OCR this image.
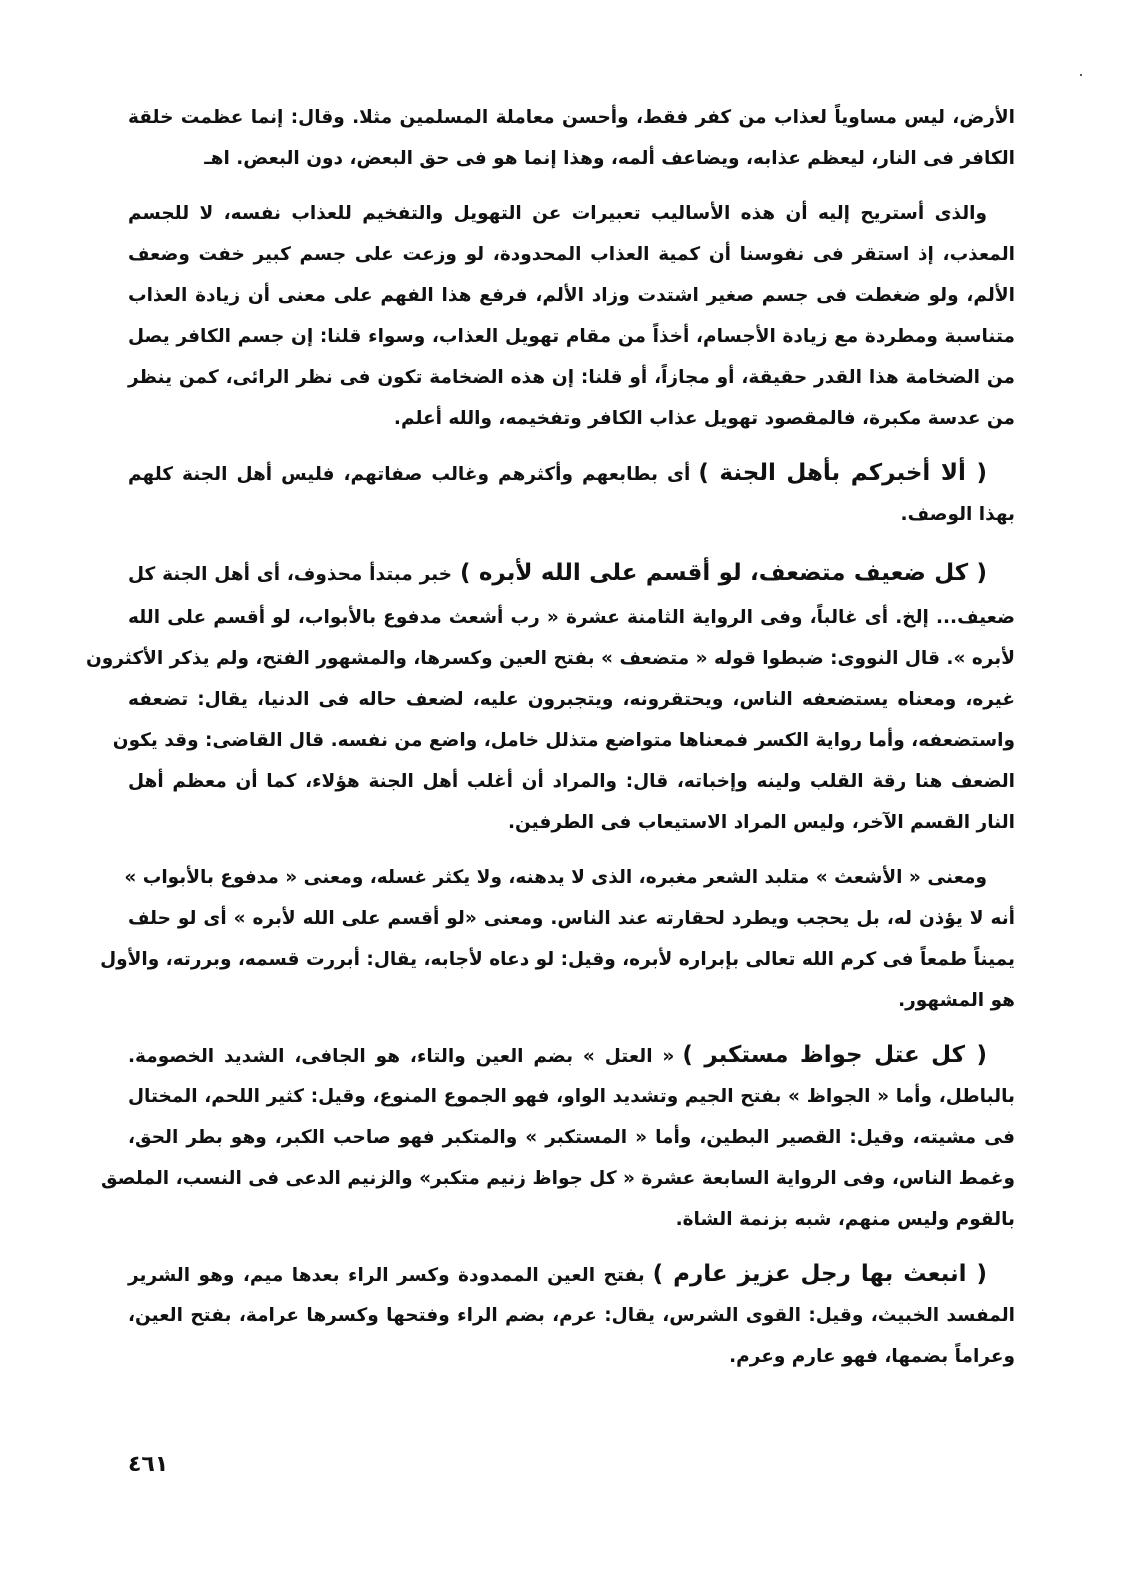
الأرض، ليس مساوياً لعذاب من كفر فقط، وأحسن معاملة المسلمين مثلا. وقال: إنما عظمت خلقة
الكافر فى النار، ليعظم عذابه، ويضاعف ألمه، وهذا إنما هو فى حق البعض، دون البعض. اهـ
والذى أستريح إليه أن هذه الأساليب تعبيرات عن التهويل والتفخيم للعذاب نفسه، لا للجسم
المعذب، إذ استقر فى نفوسنا أن كمية العذاب المحدودة، لو وزعت على جسم كبير خفت وضعف
الألم، ولو ضغطت فى جسم صغير اشتدت وزاد الألم، فرفع هذا الفهم على معنى أن زيادة العذاب
متناسبة ومطردة مع زيادة الأجسام، أخذاً من مقام تهويل العذاب، وسواء قلنا: إن جسم الكافر يصل
من الضخامة هذا القدر حقيقة، أو مجازاً، أو قلنا: إن هذه الضخامة تكون فى نظر الرائى، كمن ينظر
من عدسة مكبرة، فالمقصود تهويل عذاب الكافر وتفخيمه، والله أعلم.
( ألا أخبركم بأهل الجنة )أى بطابعهم وأكثرهم وغالب صفاتهم، فليس أهل الجنة كلهم
بهذا الوصف.
( كل ضعيف متضعف، لو أقسم على الله لأبره )خبر مبتدأ محذوف، أى أهل الجنة كل
ضعيف... إلخ. أى غالباً، وفى الرواية الثامنة عشرة « رب أشعث مدفوع بالأبواب، لو أقسم على الله
لأبره ». قال النووى: ضبطوا قوله « متضعف » بفتح العين وكسرها، والمشهور الفتح، ولم يذكر الأكثرون
غيره، ومعناه يستضعفه الناس، ويحتقرونه، ويتجبرون عليه، لضعف حاله فى الدنيا، يقال: تضعفه
واستضعفه، وأما رواية الكسر فمعناها متواضع متذلل خامل، واضع من نفسه. قال القاضى: وقد يكون
الضعف هنا رقة القلب ولينه وإخباته، قال: والمراد أن أغلب أهل الجنة هؤلاء، كما أن معظم أهل
النار القسم الآخر، وليس المراد الاستيعاب فى الطرفين.
ومعنى « الأشعث » متلبد الشعر مغبره، الذى لا يدهنه، ولا يكثر غسله، ومعنى « مدفوع بالأبواب »
أنه لا يؤذن له، بل يحجب ويطرد لحقارته عند الناس. ومعنى «لو أقسم على الله لأبره » أى لو حلف
يميناً طمعاً فى كرم الله تعالى بإبراره لأبره، وقيل: لو دعاه لأجابه، يقال: أبررت قسمه، وبررته، والأول
هو المشهور.
( كل عتل جواظ مستكبر )« العتل » بضم العين والتاء، هو الجافى، الشديد الخصومة.
بالباطل، وأما « الجواظ » بفتح الجيم وتشديد الواو، فهو الجموع المنوع، وقيل: كثير اللحم، المختال
فى مشيته، وقيل: القصير البطين، وأما « المستكبر » والمتكبر فهو صاحب الكبر، وهو بطر الحق،
وغمط الناس، وفى الرواية السابعة عشرة « كل جواظ زنيم متكبر» والزنيم الدعى فى النسب، الملصق
بالقوم وليس منهم، شبه بزنمة الشاة.
( انبعث بها رجل عزيز عارم )بفتح العين الممدودة وكسر الراء بعدها ميم، وهو الشرير
المفسد الخبيث، وقيل: القوى الشرس، يقال: عرم، بضم الراء وفتحها وكسرها عرامة، بفتح العين،
وعراماً بضمها، فهو عارم وعرم.
٤٦١
